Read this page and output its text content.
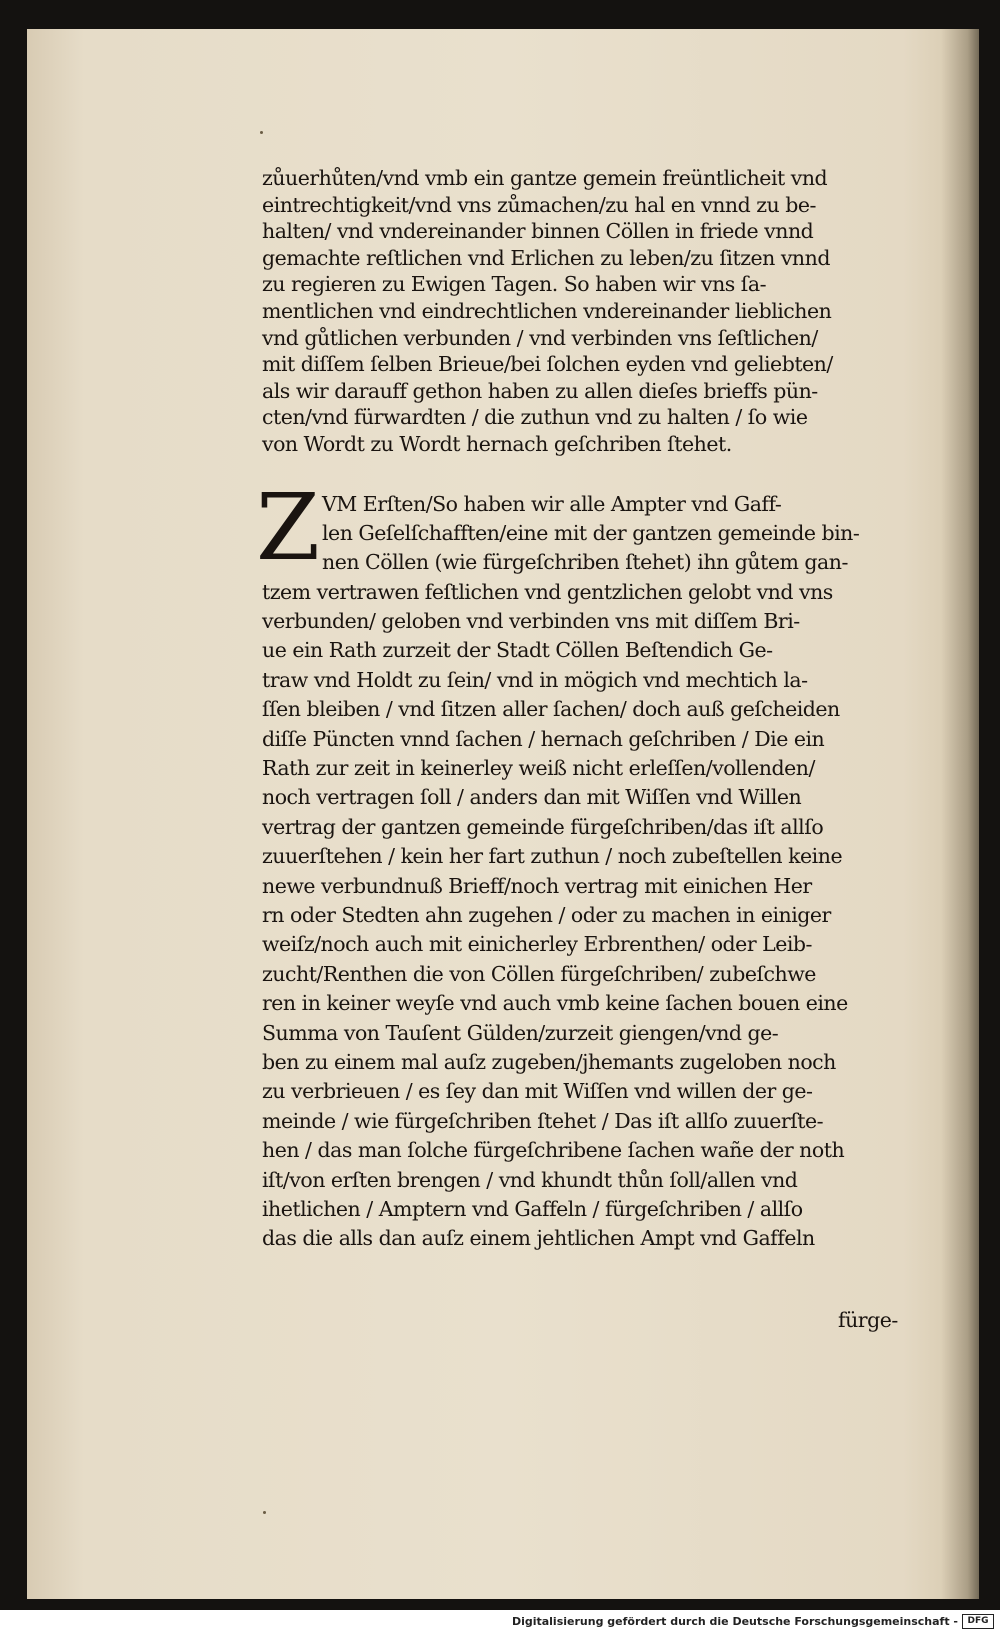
zůuerhůten/vnd vmb ein gantze gemein freüntlicheit vnd
eintrechtigkeit/vnd vns zůmachen/zu hal en vnnd zu be-
halten/ vnd vndereinander binnen Cöllen in friede vnnd
gemachte reſtlichen vnd Erlichen zu leben/zu ſitzen vnnd
zu regieren zu Ewigen Tagen. So haben wir vns ſa-
mentlichen vnd eindrechtlichen vndereinander lieblichen
vnd gůtlichen verbunden / vnd verbinden vns ſeſtlichen/
mit diſſem ſelben Brieue/bei ſolchen eyden vnd geliebten/
als wir darauff gethon haben zu allen dieſes brieffs pün-
cten/vnd fürwardten / die zuthun vnd zu halten / ſo wie
von Wordt zu Wordt hernach geſchriben ſtehet.
Z VM Erſten/So haben wir alle Ampter vnd Gaff-
len Geſelſchafften/eine mit der gantzen gemeinde bin-
nen Cöllen (wie fürgeſchriben ſtehet) ihn gůtem gan-
tzem vertrawen feſtlichen vnd gentzlichen gelobt vnd vns
verbunden/ geloben vnd verbinden vns mit diſſem Bri-
ue ein Rath zurzeit der Stadt Cöllen Beſtendich Ge-
traw vnd Holdt zu ſein/ vnd in mögich vnd mechtich la-
ſſen bleiben / vnd ſitzen aller ſachen/ doch auß geſcheiden
diſſe Püncten vnnd ſachen / hernach geſchriben / Die ein
Rath zur zeit in keinerley weiß nicht erleſſen/vollenden/
noch vertragen ſoll / anders dan mit Wiſſen vnd Willen
vertrag der gantzen gemeinde fürgeſchriben/das iſt allſo
zuuerſtehen / kein her fart zuthun / noch zubeſtellen keine
newe verbundnuß Brieff/noch vertrag mit einichen Her
rn oder Stedten ahn zugehen / oder zu machen in einiger
weiſz/noch auch mit einicherley Erbrenthen/ oder Leib-
zucht/Renthen die von Cöllen fürgeſchriben/ zubeſchwe
ren in keiner weyſe vnd auch vmb keine ſachen bouen eine
Summa von Tauſent Gülden/zurzeit giengen/vnd ge-
ben zu einem mal auſz zugeben/jhemants zugeloben noch
zu verbrieuen / es ſey dan mit Wiſſen vnd willen der ge-
meinde / wie fürgeſchriben ſtehet / Das iſt allſo zuuerſte-
hen / das man ſolche fürgeſchribene ſachen wañe der noth
iſt/von erſten brengen / vnd khundt thůn ſoll/allen vnd
ihetlichen / Amptern vnd Gaffeln / fürgeſchriben / allſo
das die alls dan auſz einem jehtlichen Ampt vnd Gaffeln
fürge-
Digitalisierung gefördert durch die Deutsche Forschungsgemeinschaft -	DFG
